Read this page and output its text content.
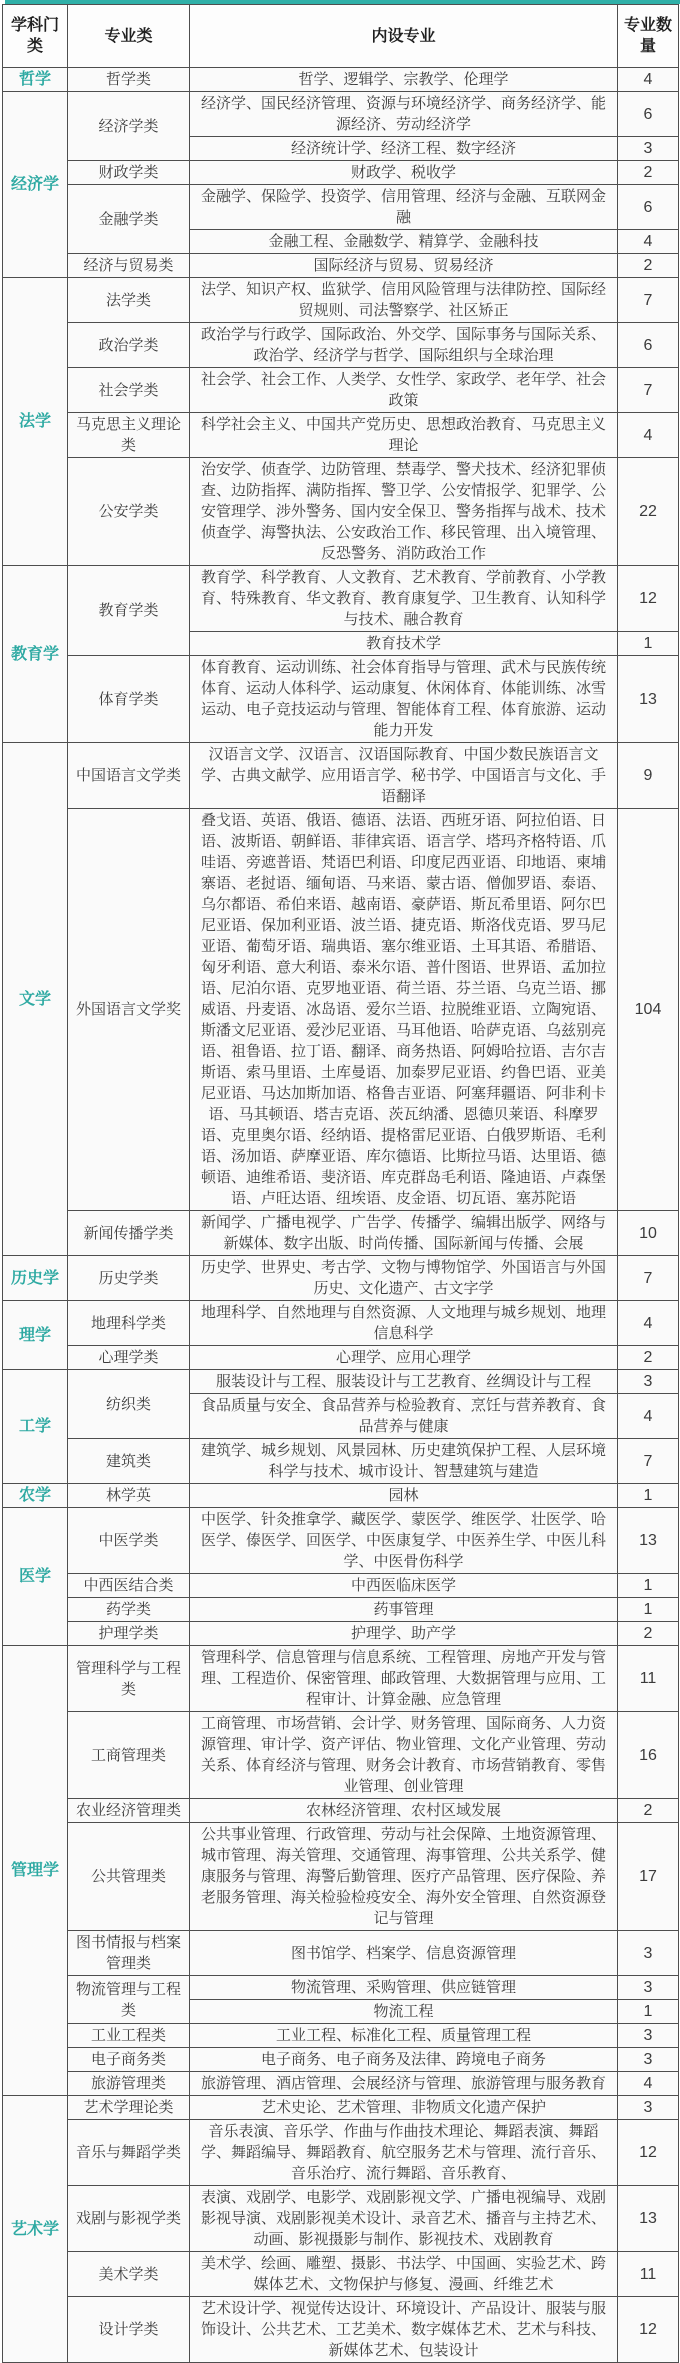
学科门类	专业类	内设专业	专业数量
哲学	哲学类	哲学、逻辑学、宗教学、伦理学	4
经济学	经济学类	经济学、国民经济管理、资源与环境经济学、商务经济学、能源经济、劳动经济学	6
		经济统计学、经济工程、数字经济	3
	财政学类	财政学、税收学	2
	金融学类	金融学、保险学、投资学、信用管理、经济与金融、互联网金融	6
		金融工程、金融数学、精算学、金融科技	4
	经济与贸易类	国际经济与贸易、贸易经济	2
法学	法学类	法学、知识产权、监狱学、信用风险管理与法律防控、国际经贸规则、司法警察学、社区矫正	7
	政治学类	政治学与行政学、国际政治、外交学、国际事务与国际关系、政治学、经济学与哲学、国际组织与全球治理	6
	社会学类	社会学、社会工作、人类学、女性学、家政学、老年学、社会政策	7
	马克思主义理论类	科学社会主义、中国共产党历史、思想政治教育、马克思主义理论	4
	公安学类	治安学、侦查学、边防管理、禁毒学、警犬技术、经济犯罪侦查、边防指挥、满防指挥、警卫学、公安情报学、犯罪学、公安管理学、涉外警务、国内安全保卫、警务指挥与战术、技术侦查学、海警执法、公安政治工作、移民管理、出入境管理、反恐警务、消防政治工作	22
教育学	教育学类	教育学、科学教育、人文教育、艺术教育、学前教育、小学教育、特殊教育、华文教育、教育康复学、卫生教育、认知科学与技术、融合教育	12
		教育技术学	1
	体育学类	体育教育、运动训练、社会体育指导与管理、武术与民族传统体育、运动人体科学、运动康复、休闲体育、体能训练、冰雪运动、电子竞技运动与管理、智能体育工程、体育旅游、运动能力开发	13
文学	中国语言文学类	汉语言文学、汉语言、汉语国际教育、中国少数民族语言文学、古典文献学、应用语言学、秘书学、中国语言与文化、手语翻译	9
	外国语言文学奖	叠戈语、英语、俄语、德语、法语、西班牙语、阿拉伯语、日语、波斯语、朝鲜语、菲律宾语、语言学、塔玛齐格特语、爪哇语、旁遮普语、梵语巴利语、印度尼西亚语、印地语、柬埔寨语、老挝语、缅甸语、马来语、蒙古语、僧伽罗语、泰语、乌尔都语、希伯来语、越南语、豪萨语、斯瓦希里语、阿尔巴尼亚语、保加利亚语、波兰语、捷克语、斯洛伐克语、罗马尼亚语、葡萄牙语、瑞典语、塞尔维亚语、土耳其语、希腊语、匈牙利语、意大利语、泰米尔语、普什图语、世界语、孟加拉语、尼泊尔语、克罗地亚语、荷兰语、芬兰语、乌克兰语、挪威语、丹麦语、冰岛语、爱尔兰语、拉脱维亚语、立陶宛语、斯潘文尼亚语、爱沙尼亚语、马耳他语、哈萨克语、乌兹别亮语、祖鲁语、拉丁语、翻译、商务热语、阿姆哈拉语、吉尔吉斯语、索马里语、土库曼语、加泰罗尼亚语、约鲁巴语、亚美尼亚语、马达加斯加语、格鲁吉亚语、阿塞拜疆语、阿非利卡语、马其顿语、塔吉克语、茨瓦纳潘、恩德贝莱语、科摩罗语、克里奥尔语、经纳语、提格雷尼亚语、白俄罗斯语、毛利语、汤加语、萨摩亚语、库尔德语、比斯拉马语、达里语、德顿语、迪维希语、斐济语、库克群岛毛利语、隆迪语、卢森堡语、卢旺达语、纽埃语、皮金语、切瓦语、塞苏陀语	104
	新闻传播学类	新闻学、广播电视学、广告学、传播学、编辑出版学、网络与新媒体、数字出版、时尚传播、国际新闻与传播、会展	10
历史学	历史学类	历史学、世界史、考古学、文物与博物馆学、外国语言与外国历史、文化遗产、古文字学	7
理学	地理科学类	地理科学、自然地理与自然资源、人文地理与城乡规划、地理信息科学	4
	心理学类	心理学、应用心理学	2
工学	纺织类	服装设计与工程、服装设计与工艺教育、丝绸设计与工程	3
		食品质量与安全、食品营养与检验教育、烹饪与营养教育、食品营养与健康	4
	建筑类	建筑学、城乡规划、风景园林、历史建筑保护工程、人层环境科学与技术、城市设计、智慧建筑与建造	7
农学	林学英	园林	1
医学	中医学类	中医学、针灸推拿学、藏医学、蒙医学、维医学、壮医学、哈医学、傣医学、回医学、中医康复学、中医养生学、中医儿科学、中医骨伤科学	13
	中西医结合类	中西医临床医学	1
	药学类	药事管理	1
	护理学类	护理学、助产学	2
管理学	管理科学与工程类	管理科学、信息管理与信息系统、工程管理、房地产开发与管理、工程造价、保密管理、邮政管理、大数据管理与应用、工程审计、计算金融、应急管理	11
	工商管理类	工商管理、市场营销、会计学、财务管理、国际商务、人力资源管理、审计学、资产评估、物业管理、文化产业管理、劳动关系、体育经济与管理、财务会计教育、市场营销教育、零售业管理、创业管理	16
	农业经济管理类	农林经济管理、农村区域发展	2
	公共管理类	公共事业管理、行政管理、劳动与社会保障、土地资源管理、城市管理、海关管理、交通管理、海事管理、公共关系学、健康服务与管理、海警后勤管理、医疗产品管理、医疗保险、养老服务管理、海关检验检疫安全、海外安全管理、自然资源登记与管理	17
	图书情报与档案管理类	图书馆学、档案学、信息资源管理	3
	物流管理与工程类	物流管理、采购管理、供应链管理	3
		物流工程	1
	工业工程类	工业工程、标准化工程、质量管理工程	3
	电子商务类	电子商务、电子商务及法律、跨境电子商务	3
	旅游管理类	旅游管理、酒店管理、会展经济与管理、旅游管理与服务教育	4
艺术学	艺术学理论类	艺术史论、艺术管理、非物质文化遗产保护	3
	音乐与舞蹈学类	音乐表演、音乐学、作曲与作曲技术理论、舞蹈表演、舞蹈学、舞蹈编导、舞蹈教育、航空服务艺术与管理、流行音乐、音乐治疗、流行舞蹈、音乐教育、	12
	戏剧与影视学类	表演、戏剧学、电影学、戏剧影视文学、广播电视编导、戏剧影视导演、戏剧影视美术设计、录音艺术、播音与主持艺术、动画、影视摄影与制作、影视技术、戏剧教育	13
	美术学类	美术学、绘画、雕塑、摄影、书法学、中国画、实验艺术、跨媒体艺术、文物保护与修复、漫画、纤维艺术	11
	设计学类	艺术设计学、视觉传达设计、环境设计、产品设计、服装与服饰设计、公共艺术、工艺美术、数字媒体艺术、艺术与科技、新媒体艺术、包装设计	12
